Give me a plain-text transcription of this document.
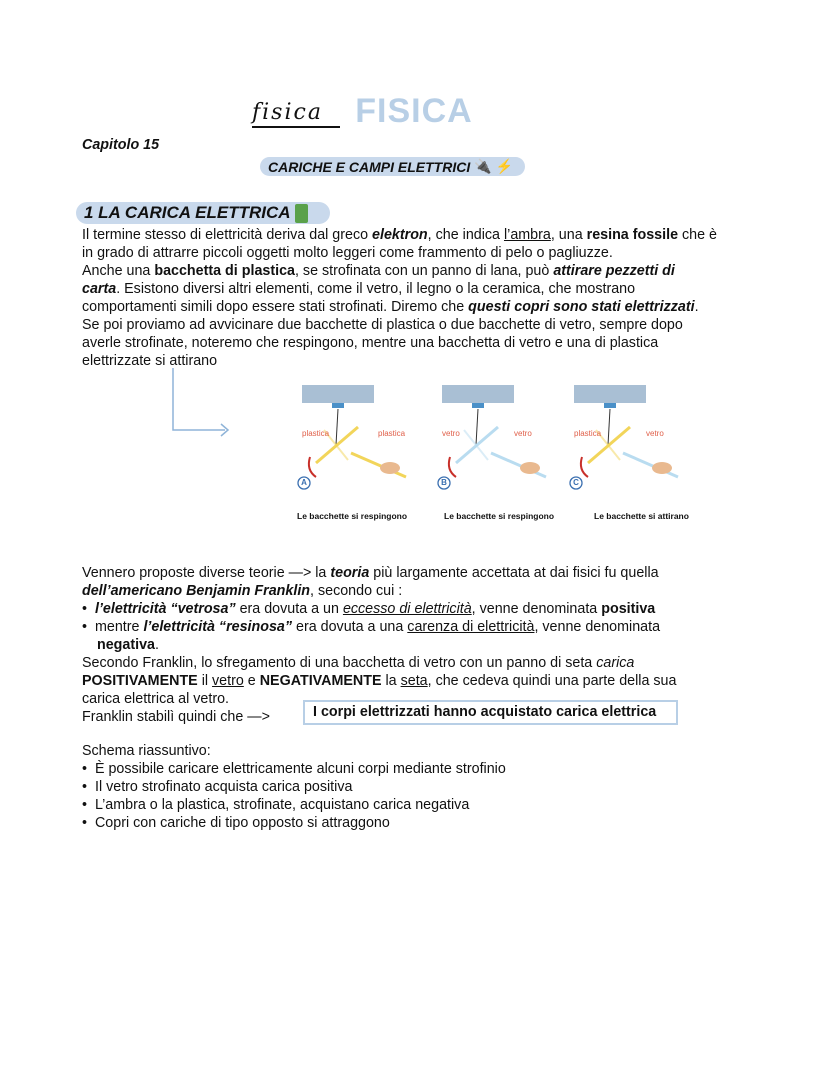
FISICA
fisica
Capitolo 15
CARICHE E CAMPI ELETTRICI 🔌 ⚡
1 LA CARICA ELETTRICA
Il termine stesso di elettricità deriva dal greco elektron, che indica l’ambra, una resina fossile che è
in grado di attrarre piccoli oggetti molto leggeri come frammento di pelo o pagliuzze.
Anche una bacchetta di plastica, se strofinata con un panno di lana, può attirare pezzetti di
carta. Esistono diversi altri elementi, come il vetro, il legno o la ceramica, che mostrano
comportamenti simili dopo essere stati strofinati. Diremo che questi copri sono stati elettrizzati.
Se poi proviamo ad avvicinare due bacchette di plastica o due bacchette di vetro, sempre dopo
averle strofinate, noteremo che respingono, mentre una bacchetta di vetro e una di plastica
elettrizzate si attirano
plastica	plastica
A
vetro	vetro
B
plastica	vetro
C
Le bacchette si respingono	Le bacchette si respingono	Le bacchette si attirano
Vennero proposte diverse teorie —> la teoria più largamente accettata at dai fisici fu quella
dell’americano Benjamin Franklin, secondo cui :
• l’elettricità “vetrosa” era dovuta a un eccesso di elettricità, venne denominata positiva
• mentre l’elettricità “resinosa” era dovuta a una carenza di elettricità, venne denominata
negativa.
Secondo Franklin, lo sfregamento di una bacchetta di vetro con un panno di seta carica
POSITIVAMENTE il vetro e NEGATIVAMENTE la seta, che cedeva quindi una parte della sua
carica elettrica al vetro.
Franklin stabilì quindi che —>	I corpi elettrizzati hanno acquistato carica elettrica
Schema riassuntivo:
• È possibile caricare elettricamente alcuni corpi mediante strofinio
• Il vetro strofinato acquista carica positiva
• L’ambra o la plastica, strofinate, acquistano carica negativa
• Copri con cariche di tipo opposto si attraggono
